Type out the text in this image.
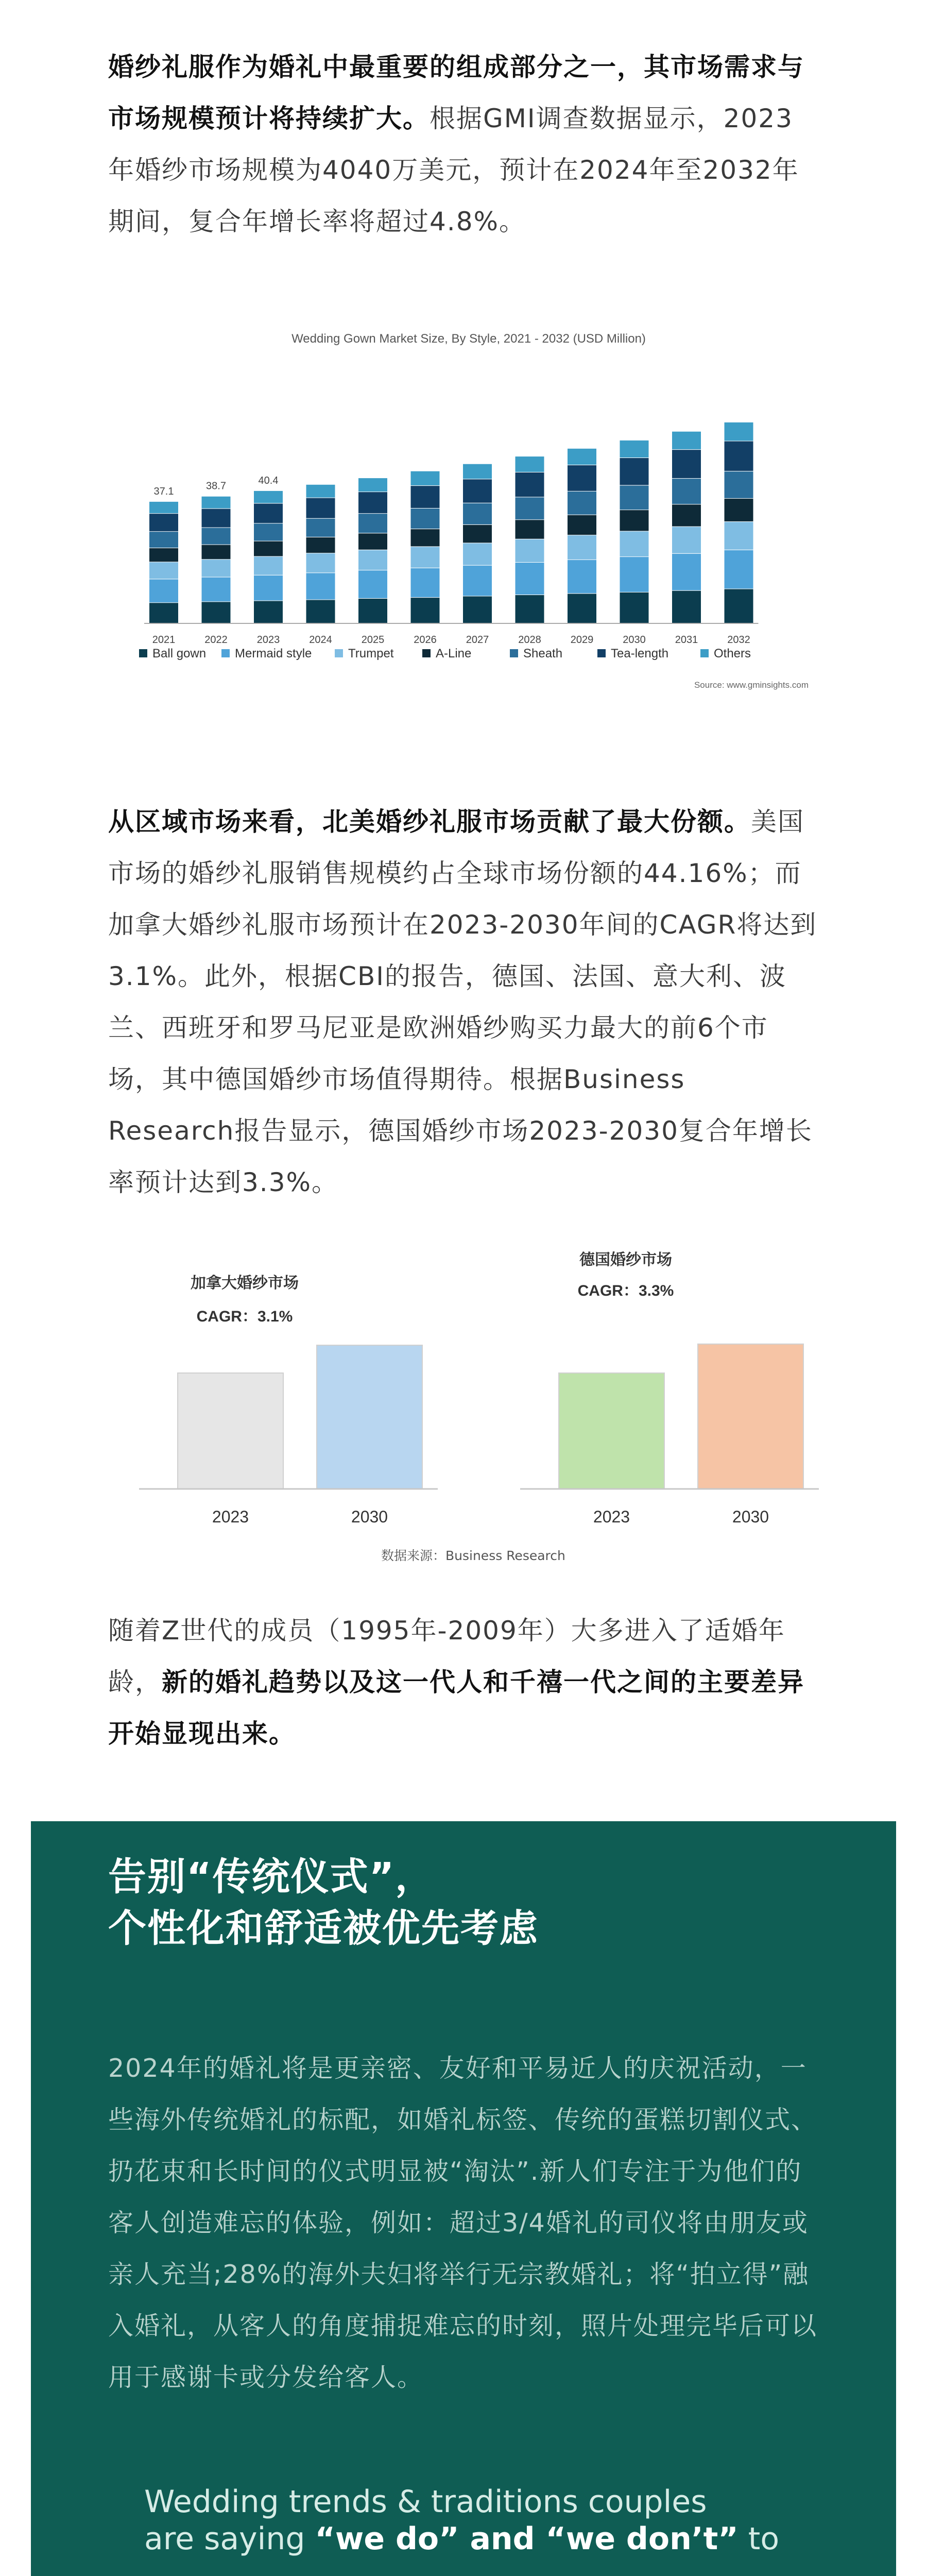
婚纱礼服作为婚礼中最重要的组成部分之一，其市场需求与市场规模预计将持续扩大。根据GMI调查数据显示，2023年婚纱市场规模为4040万美元，预计在2024年至2032年期间，复合年增长率将超过4.8%。
Wedding Gown Market Size, By Style, 2021 - 2032 (USD Million)
2021
37.1
2022
38.7
2023
40.4
2024	2025	2026	2027	2028	2029	2030	2031	2032
Ball gown Mermaid style	Trumpet	A-Line	Sheath	Tea-length	Others
Source: www.gminsights.com
从区域市场来看，北美婚纱礼服市场贡献了最大份额。美国市场的婚纱礼服销售规模约占全球市场份额的44.16%；而加拿大婚纱礼服市场预计在2023-2030年间的CAGR将达到3.1%。此外，根据CBI的报告，德国、法国、意大利、波兰、西班牙和罗马尼亚是欧洲婚纱购买力最大的前6个市场，其中德国婚纱市场值得期待。根据Business Research报告显示，德国婚纱市场2023-2030复合年增长率预计达到3.3%。
加拿大婚纱市场
CAGR：3.1%
2023	2030
德国婚纱市场
CAGR：3.3%
2023	2030
数据来源：Business Research
随着Z世代的成员（1995年-2009年）大多进入了适婚年龄，新的婚礼趋势以及这一代人和千禧一代之间的主要差异开始显现出来。
告别“传统仪式”，
个性化和舒适被优先考虑
2024年的婚礼将是更亲密、友好和平易近人的庆祝活动，一些海外传统婚礼的标配，如婚礼标签、传统的蛋糕切割仪式、扔花束和长时间的仪式明显被“淘汰”.新人们专注于为他们的客人创造难忘的体验，例如：超过3/4婚礼的司仪将由朋友或亲人充当;28%的海外夫妇将举行无宗教婚礼；将“拍立得”融入婚礼，从客人的角度捕捉难忘的时刻，照片处理完毕后可以用于感谢卡或分发给客人。
Wedding trends & traditions couples
are saying “we do” and “we don’t” to
